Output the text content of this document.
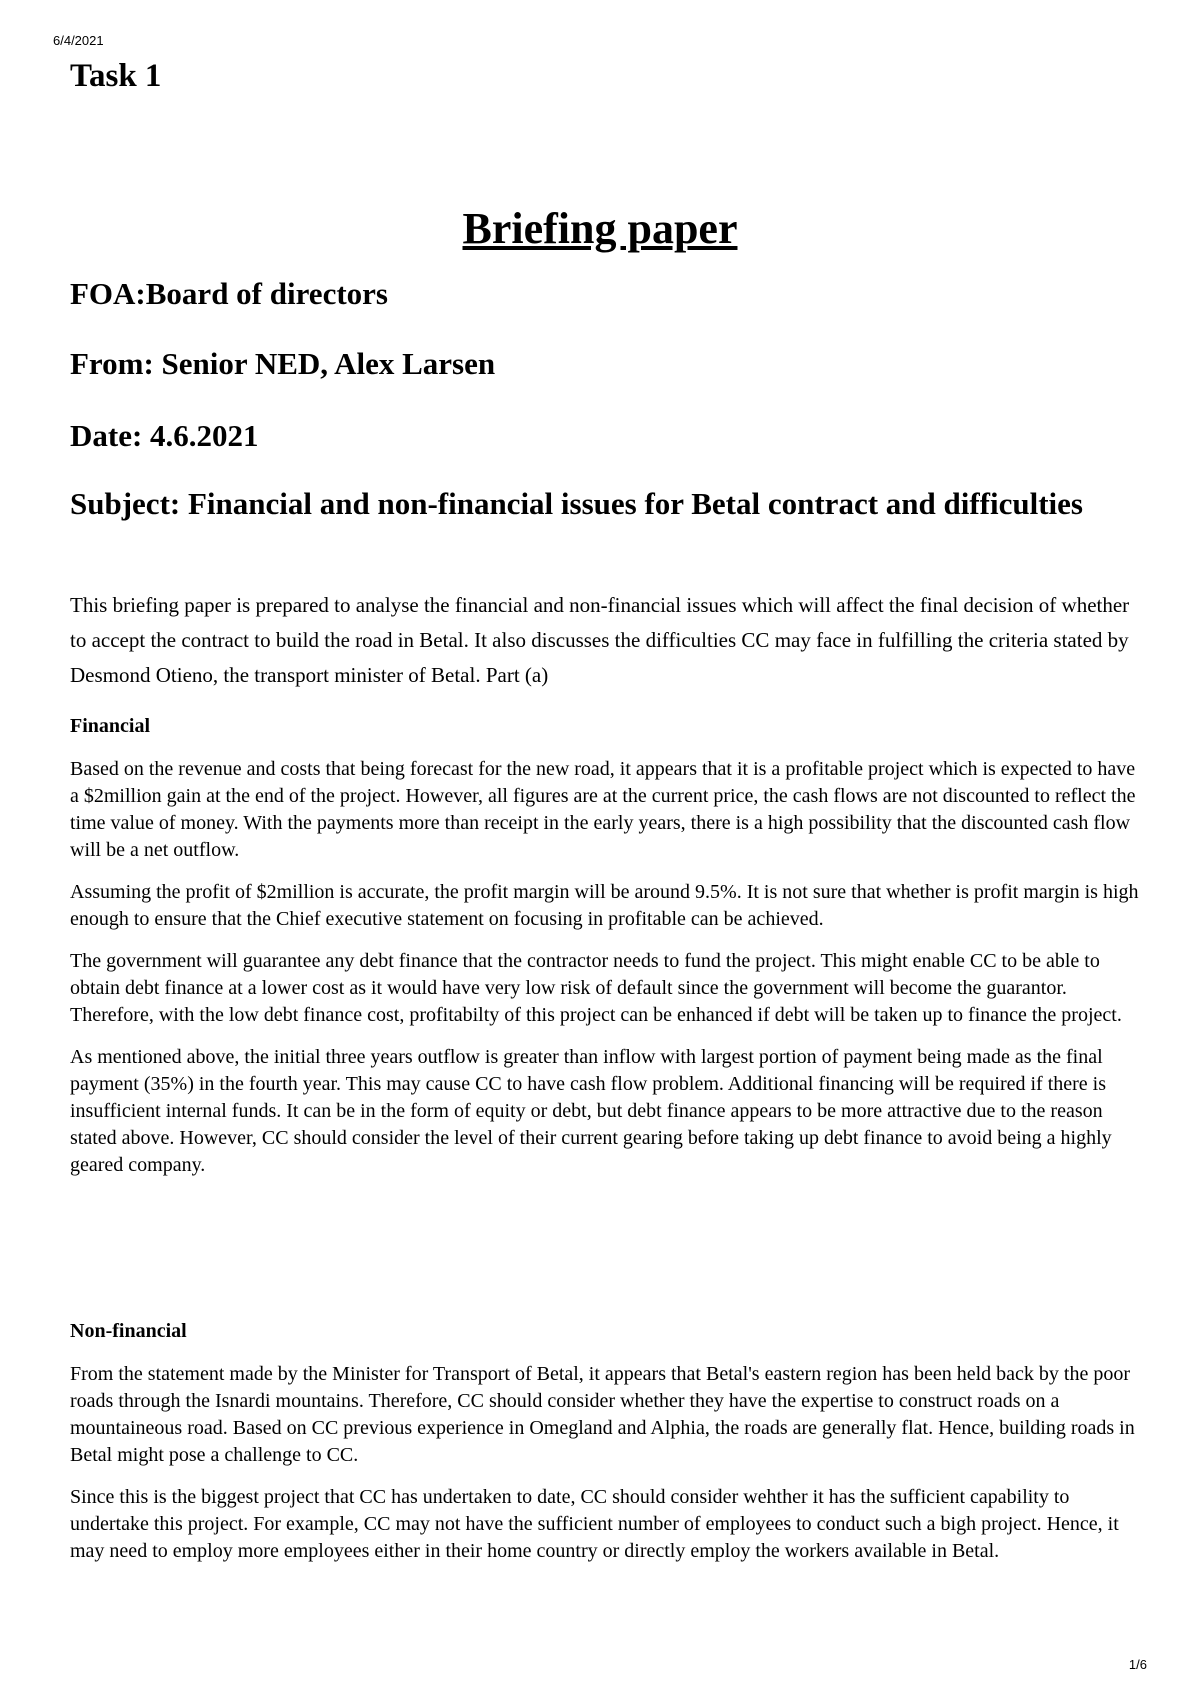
6/4/2021
Task 1
Briefing paper
FOA:Board of directors
From: Senior NED, Alex Larsen
Date: 4.6.2021
Subject: Financial and non-financial issues for Betal contract and difficulties

This briefing paper is prepared to analyse the financial and non-financial issues which will affect the final decision of whether to accept the contract to build the road in Betal. It also discusses the difficulties CC may face in fulfilling the criteria stated by Desmond Otieno, the transport minister of Betal. Part (a)

Financial

Based on the revenue and costs that being forecast for the new road, it appears that it is a profitable project which is expected to have a $2million gain at the end of the project. However, all figures are at the current price, the cash flows are not discounted to reflect the time value of money. With the payments more than receipt in the early years, there is a high possibility that the discounted cash flow will be a net outflow.

Assuming the profit of $2million is accurate, the profit margin will be around 9.5%. It is not sure that whether is profit margin is high enough to ensure that the Chief executive statement on focusing in profitable can be achieved.

The government will guarantee any debt finance that the contractor needs to fund the project. This might enable CC to be able to obtain debt finance at a lower cost as it would have very low risk of default since the government will become the guarantor. Therefore, with the low debt finance cost, profitabilty of this project can be enhanced if debt will be taken up to finance the project.

As mentioned above, the initial three years outflow is greater than inflow with largest portion of payment being made as the final payment (35%) in the fourth year. This may cause CC to have cash flow problem. Additional financing will be required if there is insufficient internal funds. It can be in the form of equity or debt, but debt finance appears to be more attractive due to the reason stated above. However, CC should consider the level of their current gearing before taking up debt finance to avoid being a highly geared company.

Non-financial

From the statement made by the Minister for Transport of Betal, it appears that Betal's eastern region has been held back by the poor roads through the Isnardi mountains. Therefore, CC should consider whether they have the expertise to construct roads on a mountaineous road. Based on CC previous experience in Omegland and Alphia, the roads are generally flat. Hence, building roads in Betal might pose a challenge to CC.

Since this is the biggest project that CC has undertaken to date, CC should consider wehther it has the sufficient capability to undertake this project. For example, CC may not have the sufficient number of employees to conduct such a bigh project. Hence, it may need to employ more employees either in their home country or directly employ the workers available in Betal.

1/6
